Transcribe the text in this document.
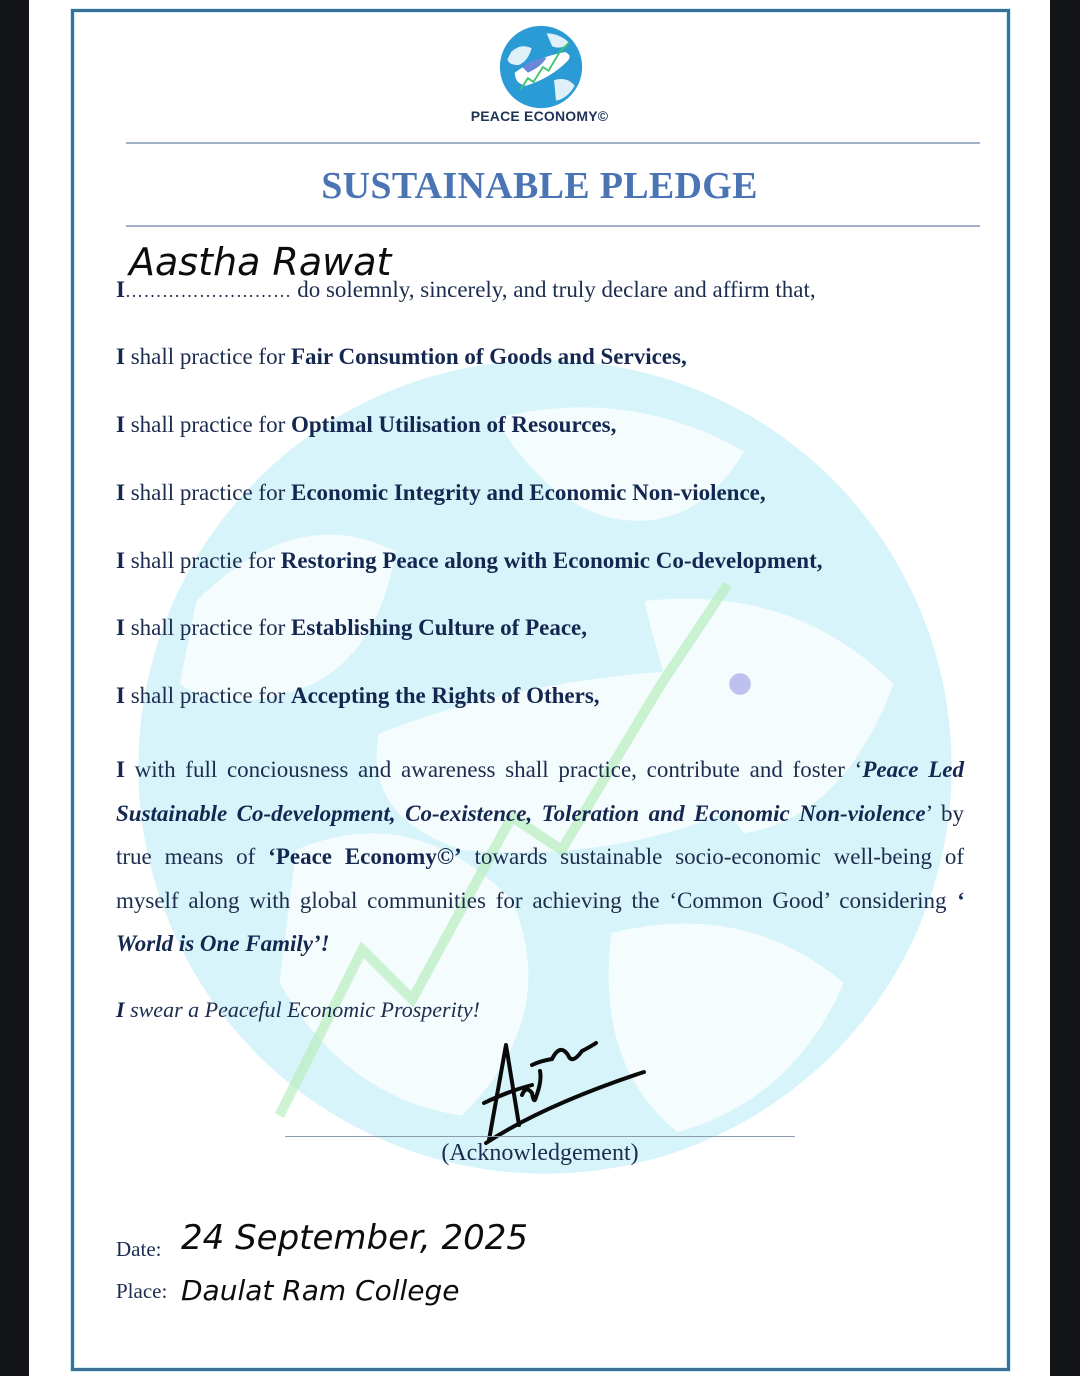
PEACE ECONOMY©
SUSTAINABLE PLEDGE
I……………………… do solemnly, sincerely, and truly declare and affirm that,
Aastha Rawat
I shall practice for Fair Consumtion of Goods and Services,
I shall practice for Optimal Utilisation of Resources,
I shall practice for Economic Integrity and Economic Non-violence,
I shall practie for Restoring Peace along with Economic Co-development,
I shall practice for Establishing Culture of Peace,
I shall practice for Accepting the Rights of Others,
I with full conciousness and awareness shall practice, contribute and foster ‘Peace Led Sustainable Co-development, Co-existence, Toleration and Economic Non-violence’ by true means of ‘Peace Economy©’ towards sustainable socio-economic well-being of myself along with global communities for achieving the ‘Common Good’ considering ‘ World is One Family’!
I swear a Peaceful Economic Prosperity!
(Acknowledgement)
Date: 24 September, 2025
Place: Daulat Ram College
